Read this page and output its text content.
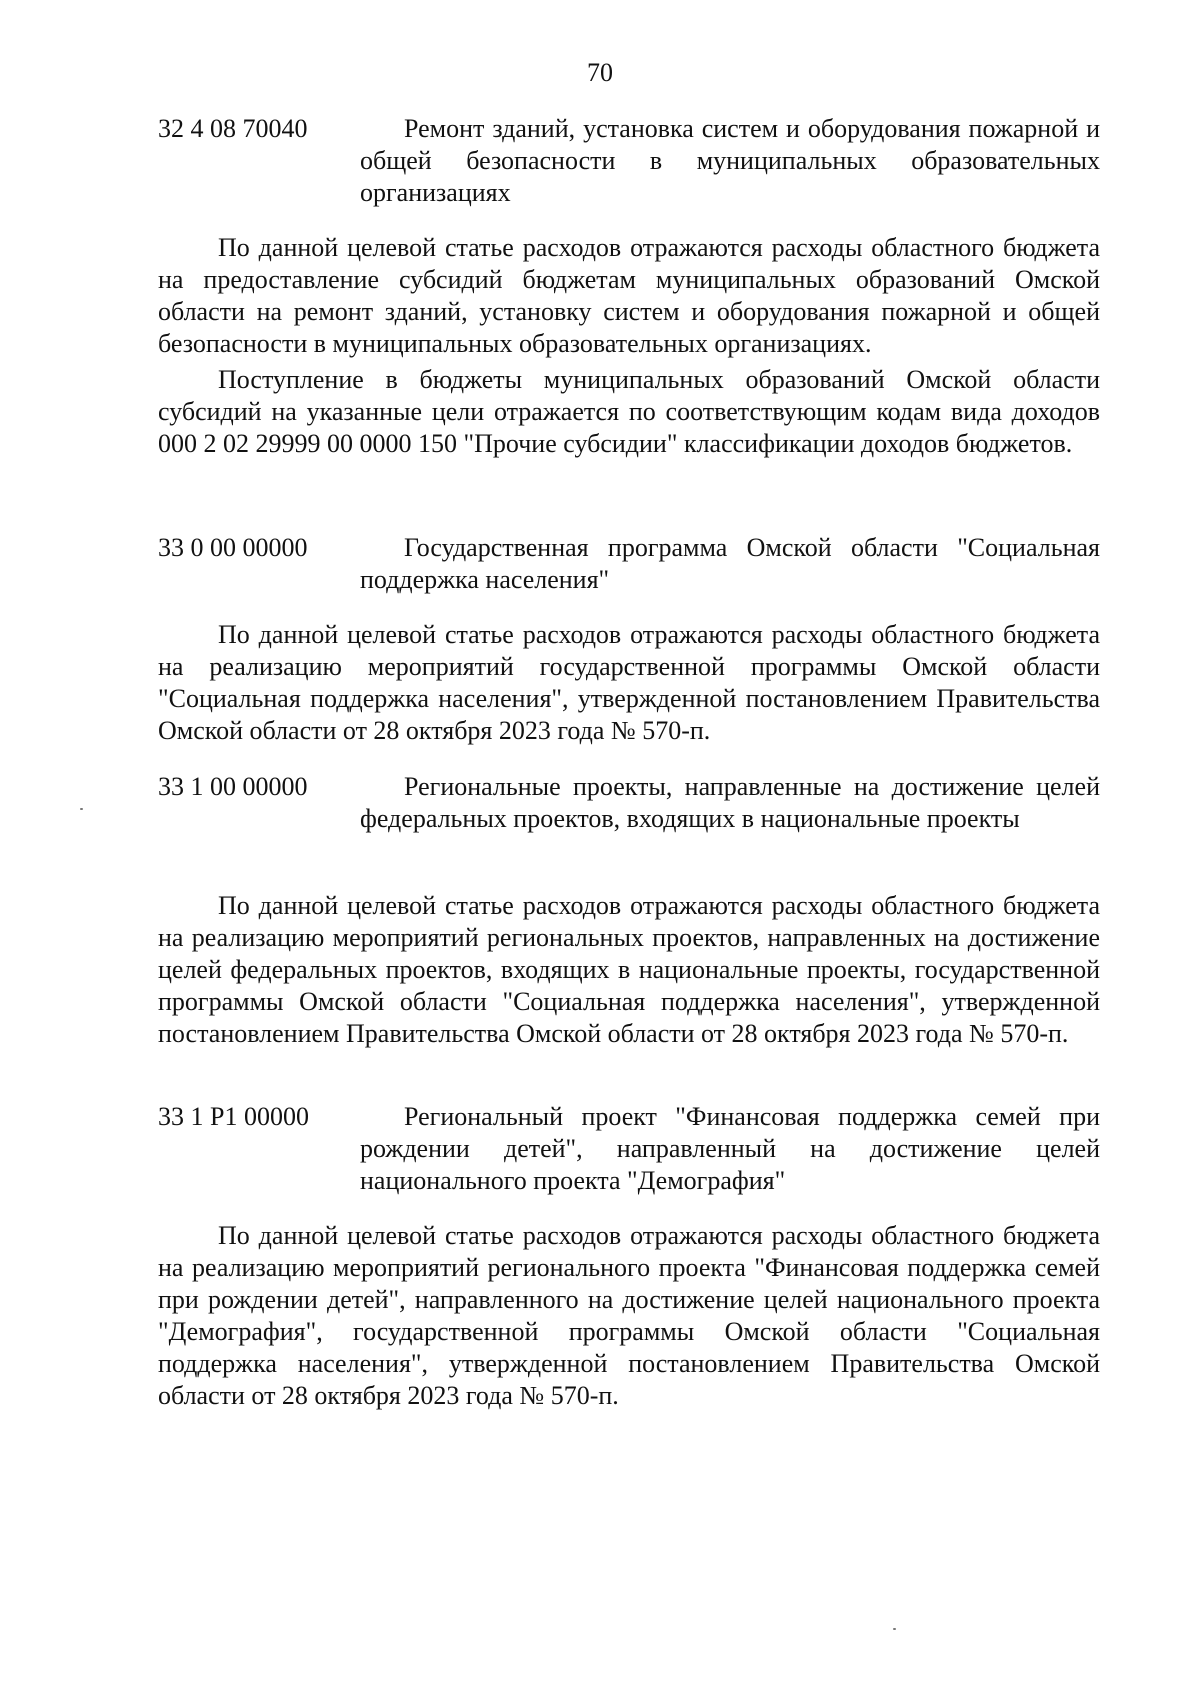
70
32 4 08 70040	Ремонт зданий, установка систем и оборудования пожарной и общей безопасности в муниципальных образовательных организациях

По данной целевой статье расходов отражаются расходы областного бюджета на предоставление субсидий бюджетам муниципальных образований Омской области на ремонт зданий, установку систем и оборудования пожарной и общей безопасности в муниципальных образовательных организациях.

Поступление в бюджеты муниципальных образований Омской области субсидий на указанные цели отражается по соответствующим кодам вида доходов 000 2 02 29999 00 0000 150 "Прочие субсидии" классификации доходов бюджетов.

33 0 00 00000	Государственная программа Омской области "Социальная поддержка населения"

По данной целевой статье расходов отражаются расходы областного бюджета на реализацию мероприятий государственной программы Омской области "Социальная поддержка населения", утвержденной постановлением Правительства Омской области от 28 октября 2023 года № 570-п.

33 1 00 00000	Региональные проекты, направленные на достижение целей федеральных проектов, входящих в национальные проекты

По данной целевой статье расходов отражаются расходы областного бюджета на реализацию мероприятий региональных проектов, направленных на достижение целей федеральных проектов, входящих в национальные проекты, государственной программы Омской области "Социальная поддержка населения", утвержденной постановлением Правительства Омской области от 28 октября 2023 года № 570-п.

33 1 P1 00000	Региональный проект "Финансовая поддержка семей при рождении детей", направленный на достижение целей национального проекта "Демография"

По данной целевой статье расходов отражаются расходы областного бюджета на реализацию мероприятий регионального проекта "Финансовая поддержка семей при рождении детей", направленного на достижение целей национального проекта "Демография", государственной программы Омской области "Социальная поддержка населения", утвержденной постановлением Правительства Омской области от 28 октября 2023 года № 570-п.
